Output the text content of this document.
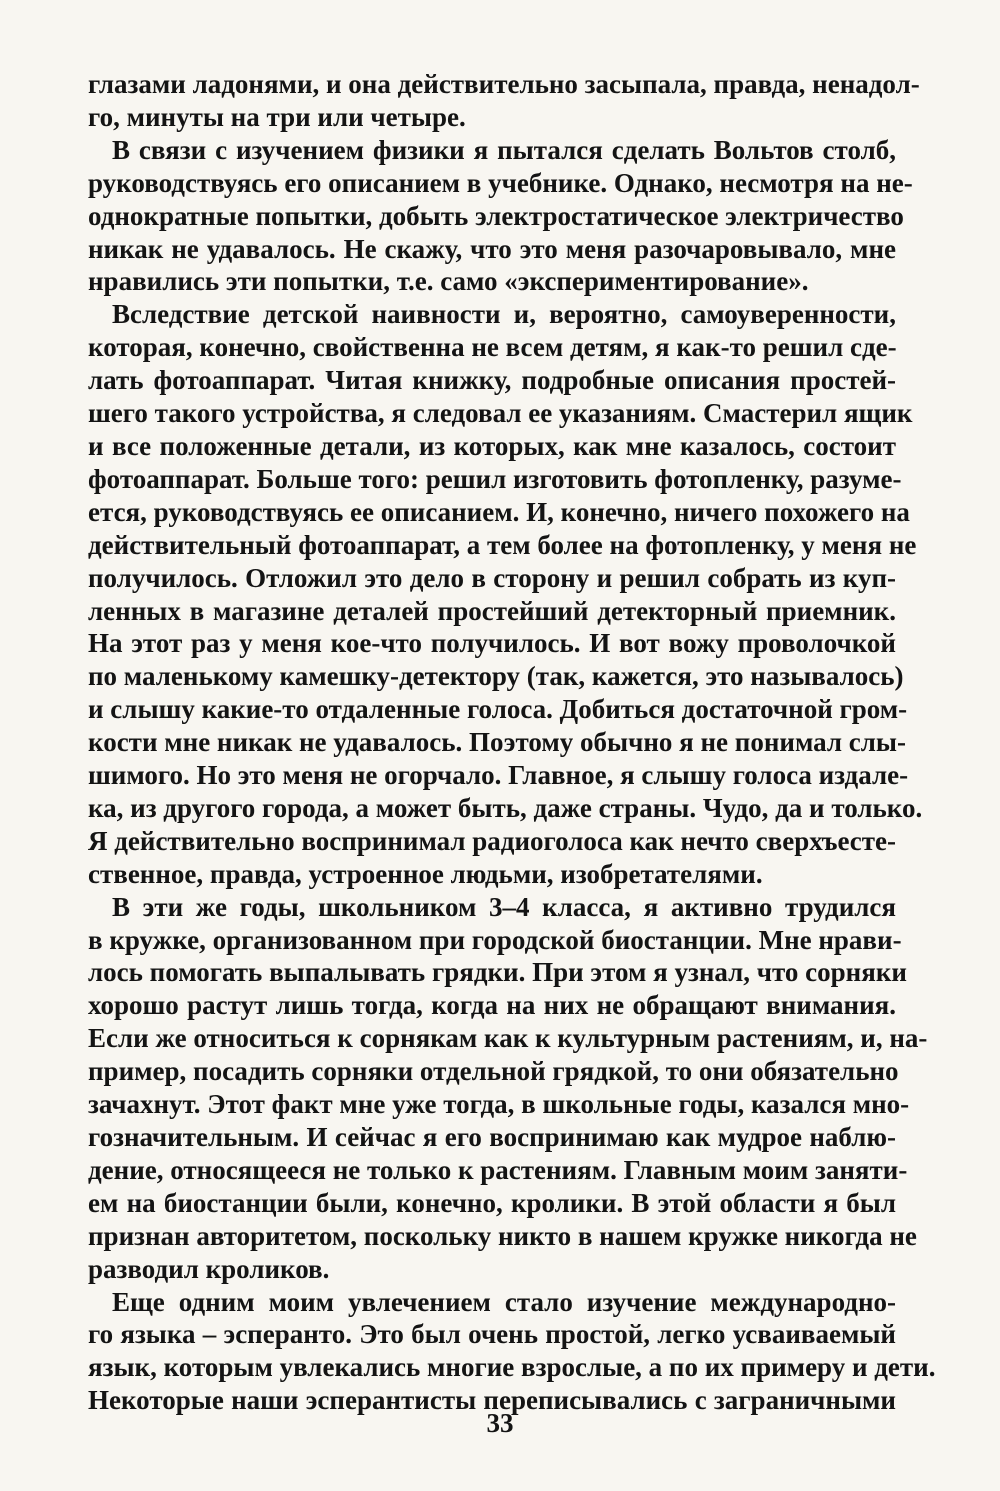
глазами ладонями, и она действительно засыпала, правда, ненадол-
го, минуты на три или четыре.

В связи с изучением физики я пытался сделать Вольтов столб,
руководствуясь его описанием в учебнике. Однако, несмотря на не-
однократные попытки, добыть электростатическое электричество
никак не удавалось. Не скажу, что это меня разочаровывало, мне
нравились эти попытки, т.е. само «экспериментирование».

Вследствие детской наивности и, вероятно, самоуверенности,
которая, конечно, свойственна не всем детям, я как-то решил сде-
лать фотоаппарат. Читая книжку, подробные описания простей-
шего такого устройства, я следовал ее указаниям. Смастерил ящик
и все положенные детали, из которых, как мне казалось, состоит
фотоаппарат. Больше того: решил изготовить фотопленку, разуме-
ется, руководствуясь ее описанием. И, конечно, ничего похожего на
действительный фотоаппарат, а тем более на фотопленку, у меня не
получилось. Отложил это дело в сторону и решил собрать из куп-
ленных в магазине деталей простейший детекторный приемник.
На этот раз у меня кое-что получилось. И вот вожу проволочкой
по маленькому камешку-детектору (так, кажется, это называлось)
и слышу какие-то отдаленные голоса. Добиться достаточной гром-
кости мне никак не удавалось. Поэтому обычно я не понимал слы-
шимого. Но это меня не огорчало. Главное, я слышу голоса издале-
ка, из другого города, а может быть, даже страны. Чудо, да и только.
Я действительно воспринимал радиоголоса как нечто сверхъесте-
ственное, правда, устроенное людьми, изобретателями.

В эти же годы, школьником 3–4 класса, я активно трудился
в кружке, организованном при городской биостанции. Мне нрави-
лось помогать выпалывать грядки. При этом я узнал, что сорняки
хорошо растут лишь тогда, когда на них не обращают внимания.
Если же относиться к сорнякам как к культурным растениям, и, на-
пример, посадить сорняки отдельной грядкой, то они обязательно
зачахнут. Этот факт мне уже тогда, в школьные годы, казался мно-
гозначительным. И сейчас я его воспринимаю как мудрое наблю-
дение, относящееся не только к растениям. Главным моим заняти-
ем на биостанции были, конечно, кролики. В этой области я был
признан авторитетом, поскольку никто в нашем кружке никогда не
разводил кроликов.

Еще одним моим увлечением стало изучение международно-
го языка – эсперанто. Это был очень простой, легко усваиваемый
язык, которым увлекались многие взрослые, а по их примеру и дети.
Некоторые наши эсперантисты переписывались с заграничными

33
